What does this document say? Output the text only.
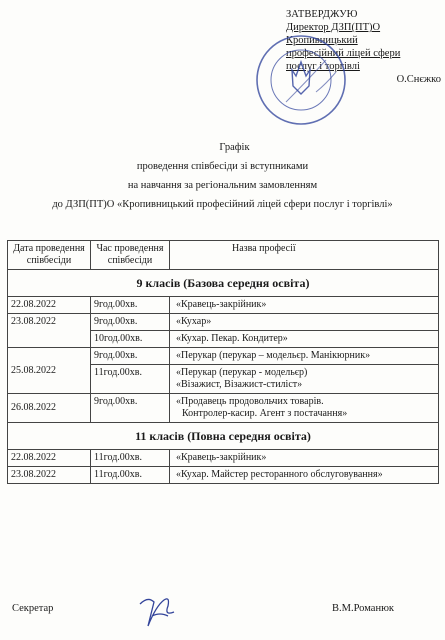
ЗАТВЕРДЖУЮ
Директор ДЗП(ПТ)О
Кропивницький
професійний ліцей сфери
послуг і торгівлі
О.Снєжко
Графік
проведення співбесіди зі вступниками
на навчання за регіональним замовленням
до ДЗП(ПТ)О «Кропивницький професійний ліцей сфери послуг і торгівлі»
Дата проведення співбесіди	Час проведення співбесіди	Назва професії
9 класів (Базова середня освіта)		
22.08.2022	9год.00хв.	«Кравець-закрійник»
23.08.2022	9год.00хв.	«Кухар»
	10год.00хв.	«Кухар. Пекар. Кондитер»
25.08.2022	9год.00хв.	«Перукар (перукар – модельєр. Манікюрник»
	11год.00хв.	«Перукар (перукар - модельєр)
«Візажист, Візажист-стиліст»

26.08.2022	9год.00хв.	«Продавець продовольчих товарів.
Контролер-касир. Агент з постачання»

11 класів (Повна середня освіта)		
22.08.2022	11год.00хв.	«Кравець-закрійник»
23.08.2022	11год.00хв.	«Кухар. Майстер ресторанного обслуговування»
Секретар	В.М.Романюк
